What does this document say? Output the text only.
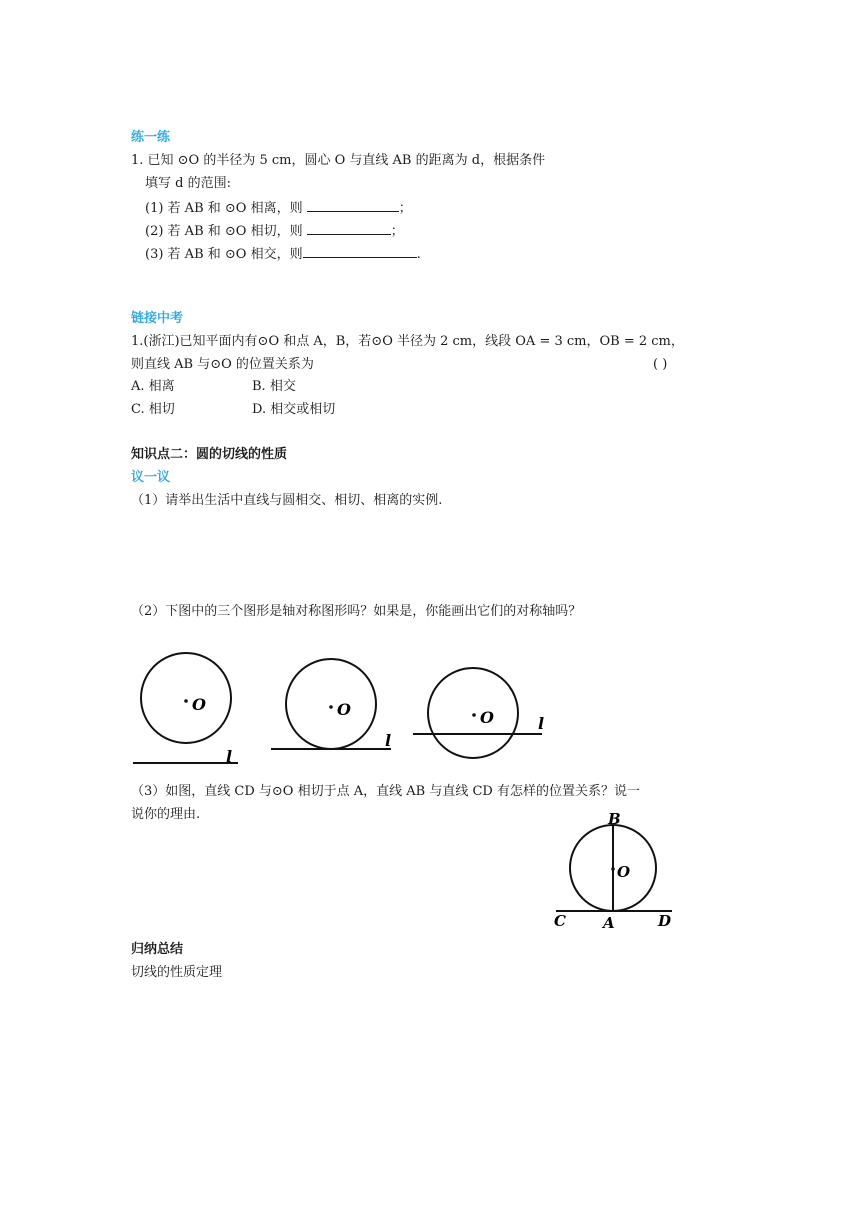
练一练
1. 已知 ⊙O 的半径为 5 cm，圆心 O 与直线 AB 的距离为 d，根据条件
填写 d 的范围:
(1) 若 AB 和 ⊙O 相离，则	；
(2) 若 AB 和 ⊙O 相切，则	；
(3) 若 AB 和 ⊙O 相交，则	.
链接中考
1.(浙江)已知平面内有⊙O 和点 A，B，若⊙O 半径为 2 cm，线段 OA = 3 cm，OB = 2 cm，
则直线 AB 与⊙O 的位置关系为	( )
A. 相离	B. 相交
C. 相切	D. 相交或相切
知识点二：圆的切线的性质
议一议
（1）请举出生活中直线与圆相交、相切、相离的实例.
（2）下图中的三个图形是轴对称图形吗？如果是，你能画出它们的对称轴吗？
O
l
O
l
O	l
（3）如图，直线 CD 与⊙O 相切于点 A，直线 AB 与直线 CD 有怎样的位置关系？说一
说你的理由.	B
O
C A	D
归纳总结
切线的性质定理
